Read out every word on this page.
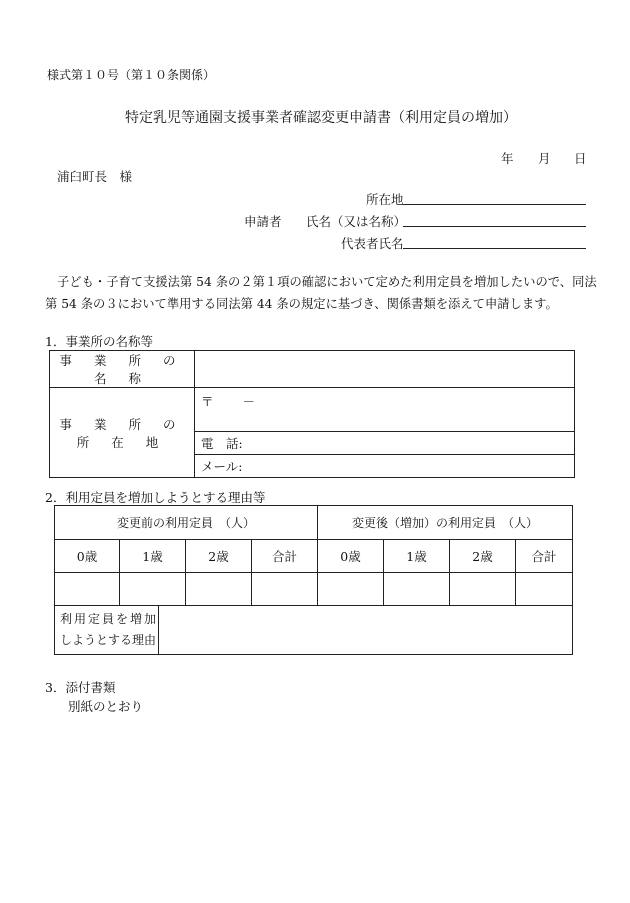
様式第１０号（第１０条関係）
特定乳児等通園支援事業者確認変更申請書（利用定員の増加）
年 月 日
浦臼町長　様
所在地
申請者 氏名（又は名称）
代表者氏名
子ども・子育て支援法第 54 条の２第１項の確認において定めた利用定員を増加したいので、同法
第 54 条の３において準用する同法第 44 条の規定に基づき、関係書類を添えて申請します。
1．事業所の名称等
事 業 所 の 名 称	
事 業 所 の 所 在 地	〒　　 －
	電　話:
	メール:
2．利用定員を増加しようとする理由等
変更前の利用定員　（人）				変更後（増加）の利用定員　（人）			
0歳	1歳	2歳	合計	0歳	1歳	2歳	合計

利用定員を増加
しようとする理由

3．添付書類
別紙のとおり
